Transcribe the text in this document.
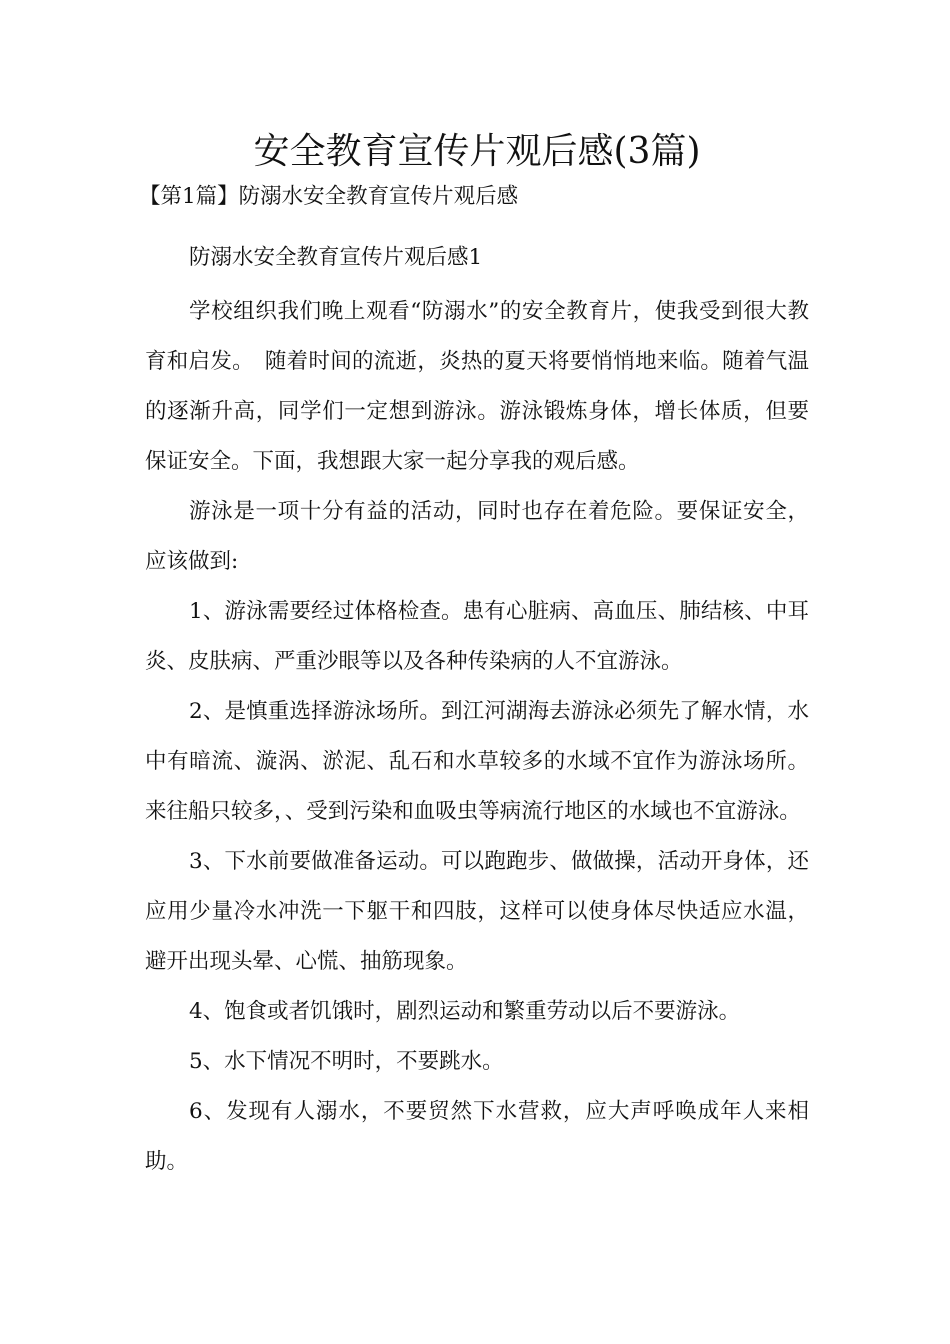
安全教育宣传片观后感(3篇)
【第1篇】防溺水安全教育宣传片观后感

防溺水安全教育宣传片观后感1

学校组织我们晚上观看“防溺水”的安全教育片，使我受到很大教育和启发。　随着时间的流逝，炎热的夏天将要悄悄地来临。随着气温的逐渐升高，同学们一定想到游泳。游泳锻炼身体，增长体质，但要保证安全。下面，我想跟大家一起分享我的观后感。

游泳是一项十分有益的活动，同时也存在着危险。要保证安全，应该做到:

1、游泳需要经过体格检查。患有心脏病、高血压、肺结核、中耳炎、皮肤病、严重沙眼等以及各种传染病的人不宜游泳。

2、是慎重选择游泳场所。到江河湖海去游泳必须先了解水情，水中有暗流、漩涡、淤泥、乱石和水草较多的水域不宜作为游泳场所。来往船只较多，、受到污染和血吸虫等病流行地区的水域也不宜游泳。

3、下水前要做准备运动。可以跑跑步、做做操，活动开身体，还应用少量冷水冲洗一下躯干和四肢，这样可以使身体尽快适应水温，避开出现头晕、心慌、抽筋现象。

4、饱食或者饥饿时，剧烈运动和繁重劳动以后不要游泳。

5、水下情况不明时，不要跳水。

6、发现有人溺水，不要贸然下水营救，应大声呼唤成年人来相助。
